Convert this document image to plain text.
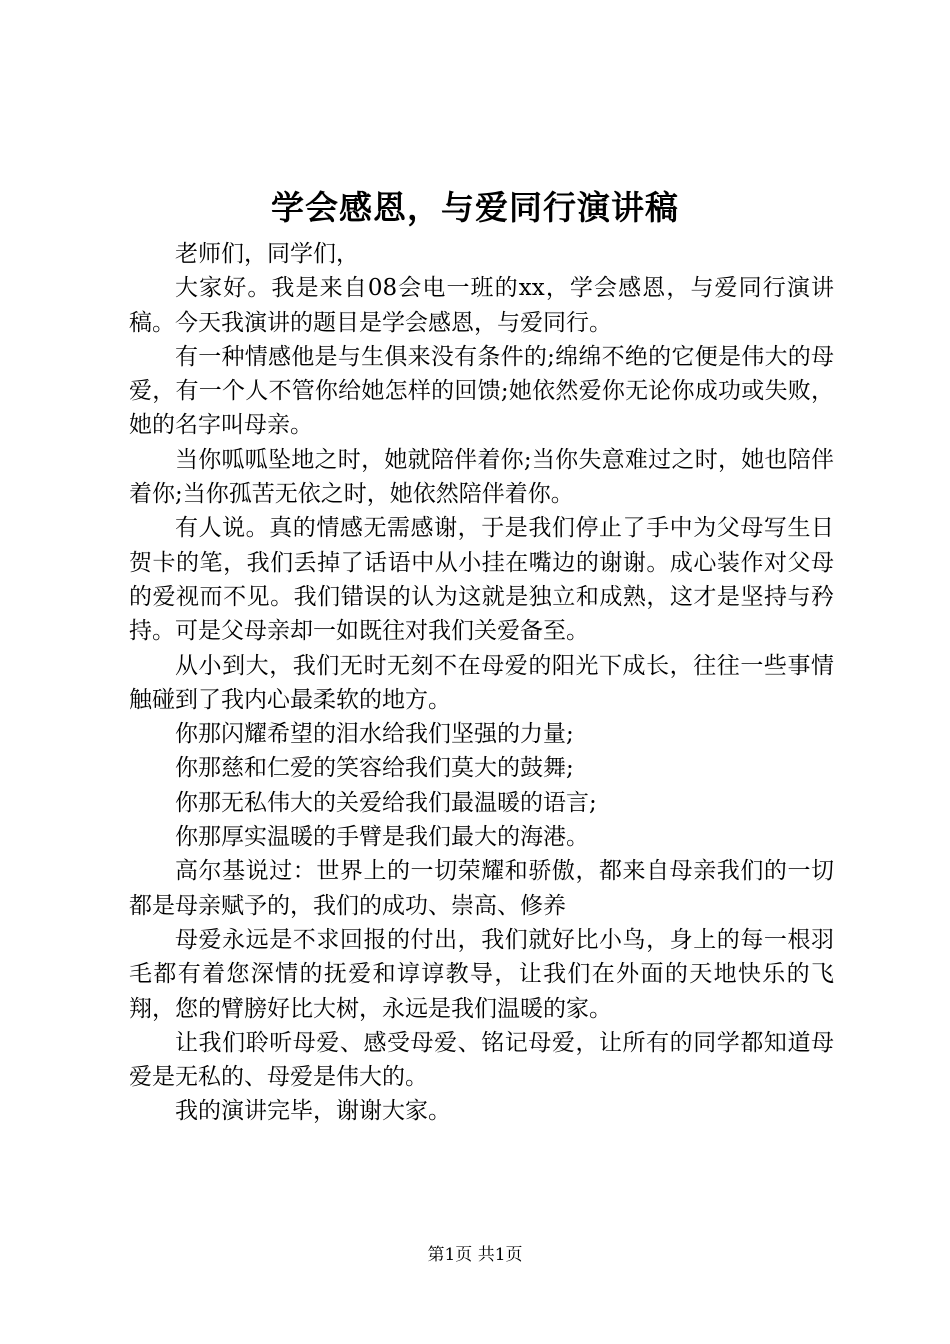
学会感恩，与爱同行演讲稿

老师们，同学们，

大家好。我是来自08会电一班的xx，学会感恩，与爱同行演讲稿。今天我演讲的题目是学会感恩，与爱同行。

有一种情感他是与生俱来没有条件的;绵绵不绝的它便是伟大的母爱，有一个人不管你给她怎样的回馈;她依然爱你无论你成功或失败，她的名字叫母亲。

当你呱呱坠地之时，她就陪伴着你;当你失意难过之时，她也陪伴着你;当你孤苦无依之时，她依然陪伴着你。

有人说。真的情感无需感谢，于是我们停止了手中为父母写生日贺卡的笔，我们丢掉了话语中从小挂在嘴边的谢谢。成心装作对父母的爱视而不见。我们错误的认为这就是独立和成熟，这才是坚持与矜持。可是父母亲却一如既往对我们关爱备至。

从小到大，我们无时无刻不在母爱的阳光下成长，往往一些事情触碰到了我内心最柔软的地方。

你那闪耀希望的泪水给我们坚强的力量;

你那慈和仁爱的笑容给我们莫大的鼓舞;

你那无私伟大的关爱给我们最温暖的语言;

你那厚实温暖的手臂是我们最大的海港。

高尔基说过：世界上的一切荣耀和骄傲，都来自母亲我们的一切都是母亲赋予的，我们的成功、崇高、修养

母爱永远是不求回报的付出，我们就好比小鸟，身上的每一根羽毛都有着您深情的抚爱和谆谆教导，让我们在外面的天地快乐的飞翔，您的臂膀好比大树，永远是我们温暖的家。

让我们聆听母爱、感受母爱、铭记母爱，让所有的同学都知道母爱是无私的、母爱是伟大的。

我的演讲完毕，谢谢大家。

第1页 共1页
